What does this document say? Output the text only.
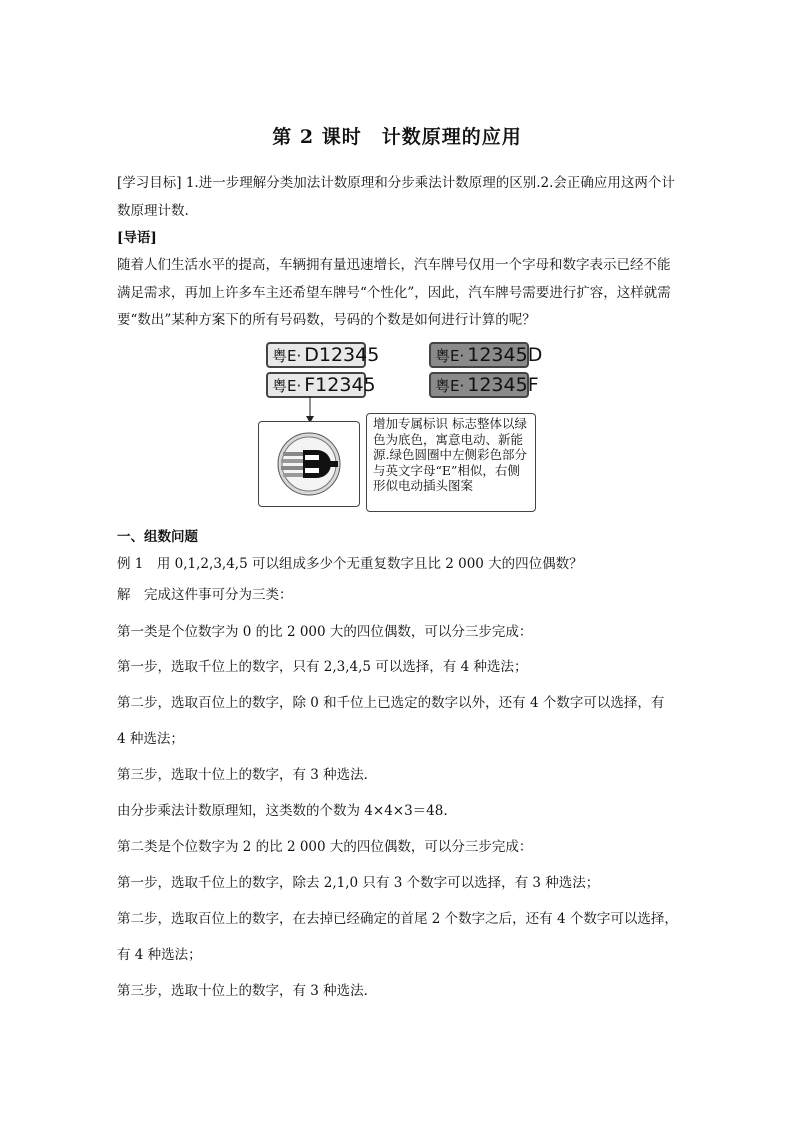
第 2 课时　计数原理的应用
[学习目标] 1.进一步理解分类加法计数原理和分步乘法计数原理的区别.2.会正确应用这两个计数原理计数.
[导语]
随着人们生活水平的提高，车辆拥有量迅速增长，汽车牌号仅用一个字母和数字表示已经不能满足需求，再加上许多车主还希望车牌号“个性化”，因此，汽车牌号需要进行扩容，这样就需要“数出”某种方案下的所有号码数，号码的个数是如何进行计算的呢？
粤E· D12345
粤E· F12345
粤E· 12345D
粤E· 12345F
增加专属标识 标志整体以绿色为底色，寓意电动、新能源.绿色圆圈中左侧彩色部分与英文字母“E”相似，右侧形似电动插头图案
一、组数问题
例 1　用 0,1,2,3,4,5 可以组成多少个无重复数字且比 2 000 大的四位偶数？
解　完成这件事可分为三类：
第一类是个位数字为 0 的比 2 000 大的四位偶数，可以分三步完成：
第一步，选取千位上的数字，只有 2,3,4,5 可以选择，有 4 种选法；
第二步，选取百位上的数字，除 0 和千位上已选定的数字以外，还有 4 个数字可以选择，有
4 种选法；
第三步，选取十位上的数字，有 3 种选法．
由分步乘法计数原理知，这类数的个数为 4×4×3＝48.
第二类是个位数字为 2 的比 2 000 大的四位偶数，可以分三步完成：
第一步，选取千位上的数字，除去 2,1,0 只有 3 个数字可以选择，有 3 种选法；
第二步，选取百位上的数字，在去掉已经确定的首尾 2 个数字之后，还有 4 个数字可以选择，
有 4 种选法；
第三步，选取十位上的数字，有 3 种选法．
